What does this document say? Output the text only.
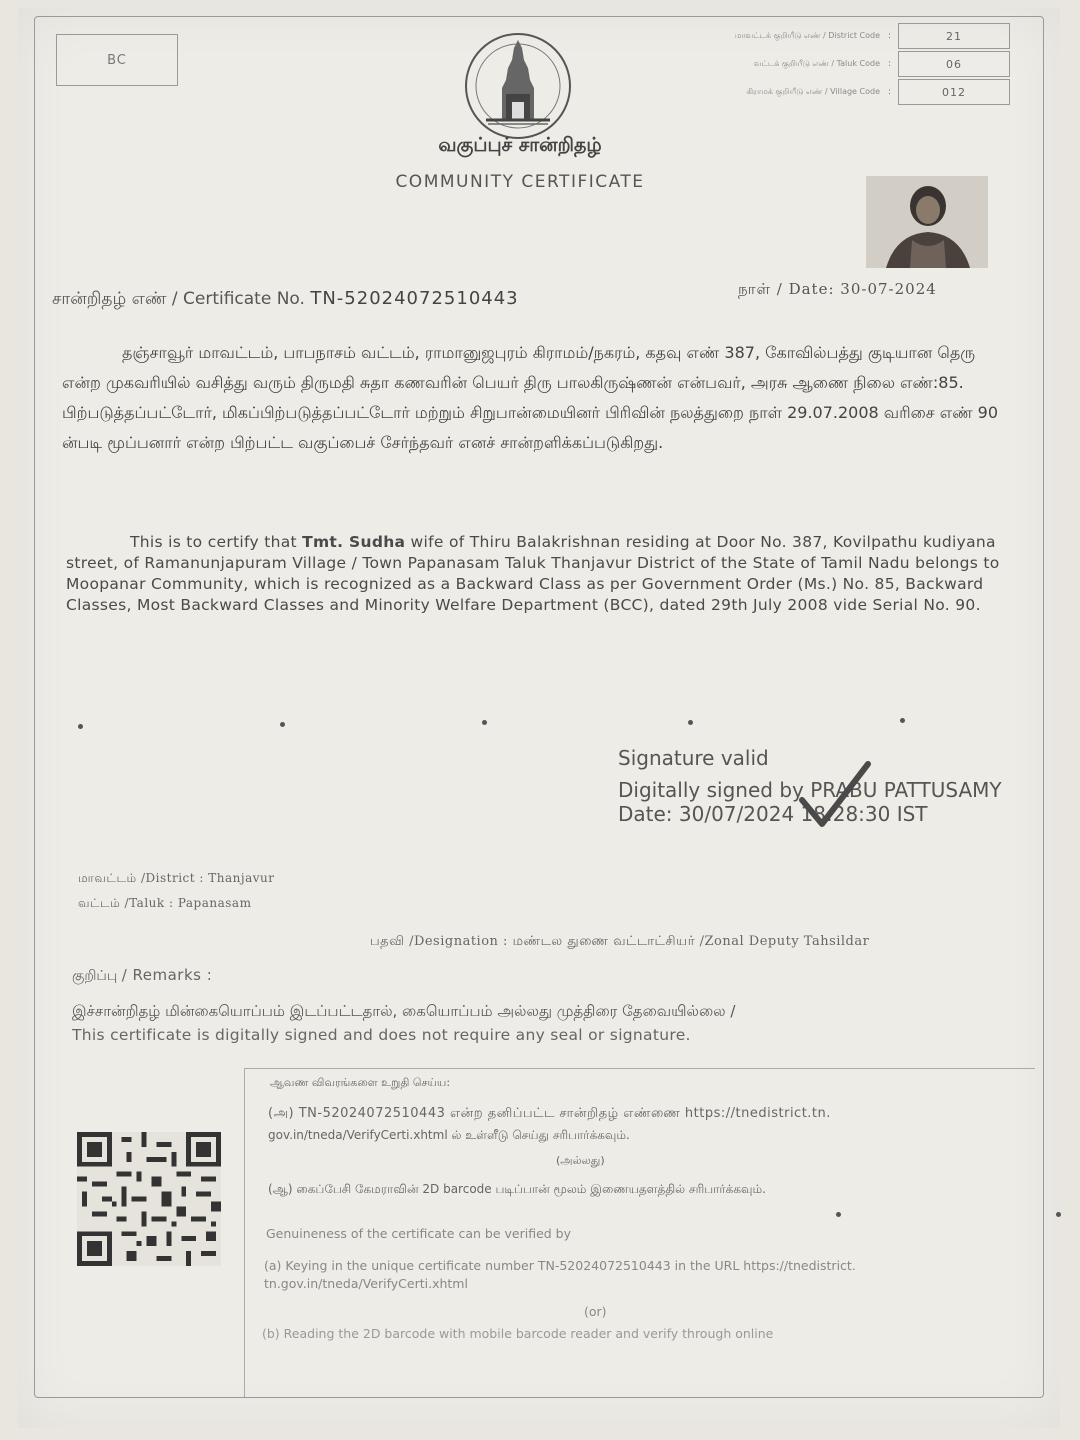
BC
மாவட்டக் குறியீடு எண் / District Code :	21
வட்டக் குறியீடு எண் / Taluk Code :	06
கிராமக் குறியீடு எண் / Village Code :	012
வகுப்புச் சான்றிதழ்
COMMUNITY CERTIFICATE
சான்றிதழ் எண் / Certificate No. TN-52024072510443	நாள் / Date: 30-07-2024
தஞ்சாவூர் மாவட்டம், பாபநாசம் வட்டம், ராமானுஜபுரம் கிராமம்/நகரம், கதவு எண் 387, கோவில்பத்து குடியான தெரு என்ற முகவரியில் வசித்து வரும் திருமதி சுதா கணவரின் பெயர் திரு பாலகிருஷ்ணன் என்பவர், அரசு ஆணை நிலை எண்:85. பிற்படுத்தப்பட்டோர், மிகப்பிற்படுத்தப்பட்டோர் மற்றும் சிறுபான்மையினர் பிரிவின் நலத்துறை நாள் 29.07.2008 வரிசை எண் 90 ன்படி மூப்பனார் என்ற பிற்பட்ட வகுப்பைச் சேர்ந்தவர் எனச் சான்றளிக்கப்படுகிறது.
This is to certify that Tmt. Sudha wife of Thiru Balakrishnan residing at Door No. 387, Kovilpathu kudiyana street, of Ramanunjapuram Village / Town Papanasam Taluk Thanjavur District of the State of Tamil Nadu belongs to Moopanar Community, which is recognized as a Backward Class as per Government Order (Ms.) No. 85, Backward Classes, Most Backward Classes and Minority Welfare Department (BCC), dated 29th July 2008 vide Serial No. 90.
Signature valid
Digitally signed by PRABU PATTUSAMY
Date: 30/07/2024 18:28:30 IST
மாவட்டம் /District : Thanjavur
வட்டம் /Taluk : Papanasam
பதவி /Designation : மண்டல துணை வட்டாட்சியர் /Zonal Deputy Tahsildar
குறிப்பு / Remarks :
இச்சான்றிதழ் மின்கையொப்பம் இடப்பட்டதால், கையொப்பம் அல்லது முத்திரை தேவையில்லை /
This certificate is digitally signed and does not require any seal or signature.
ஆவண விவரங்களை உறுதி செய்ய:
(அ) TN-52024072510443 என்ற தனிப்பட்ட சான்றிதழ் எண்ணை https://tnedistrict.tn.
gov.in/tneda/VerifyCerti.xhtml ல் உள்ளீடு செய்து சரிபார்க்கவும்.
(அல்லது)
(ஆ) கைப்பேசி கேமராவின் 2D barcode படிப்பான் மூலம் இணையதளத்தில் சரிபார்க்கவும்.
Genuineness of the certificate can be verified by
(a) Keying in the unique certificate number TN-52024072510443 in the URL https://tnedistrict.
tn.gov.in/tneda/VerifyCerti.xhtml
(or)
(b) Reading the 2D barcode with mobile barcode reader and verify through online
